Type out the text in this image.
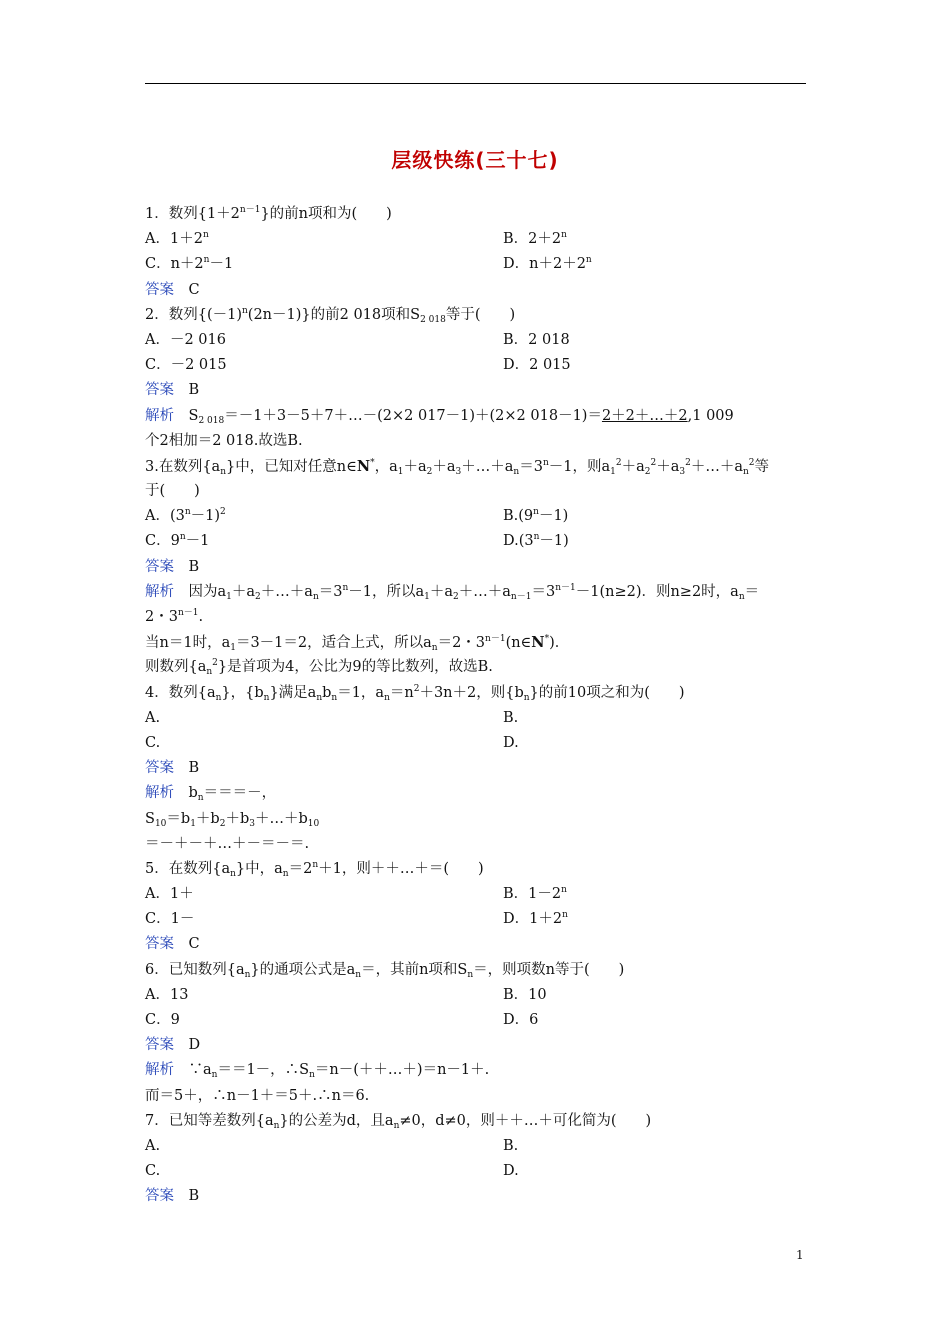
层级快练(三十七)
1．数列$\{1+2^{n-1}\}$的前n项和为(　　)
A．$1+2^n$	B．$2+2^n$
C．$n+2^n-1$	D．$n+2+2^n$
答案　 C
2．数列$\{(-1)^n(2n-1)\}$的前2 018项和$S_{2 018}$等于(　　)
A．－2 016	B．2 018
C．－2 015	D．2 015
答案　 B
解析　 $S_{2 018}=-1+3-5+7+\dots-(2\times 2$ 017－1)＋(2×2 018－1)＝2＋2＋…＋2,1 009
个2相加＝2 018.故选B.
3.在数列$\{a_n\}$中，已知对任意n∈N*，$a_1+a_2+a_3+\dots+a_n=3^n-1$，则$a_1^2+a_2^2+a_3^2+\dots+a_n^2$等
于(　　)
A．$(3^n-1)^2$	$B.(9^n-1)$
C．$9^n-1$	$D.(3^n-1)$
答案　 B
解析　 因为$a_1+a_2+\dots+a_n=3^n-1$，所以$a_1+a_2+\dots+a_{n-1}=3^{n-1}-1(n\ge 2)$．则n≥2时，$a_n=$
2・$3^{n-1}$.
当n＝1时，$a_1=3-1=2$，适合上式，所以$a_n=2$・$3^{n-1}(n\in N^*)$．
则数列$\{a_n^2\}$是首项为4，公比为9的等比数列，故选B.
4．数列$\{a_n\}$，$\{b_n\}$满足$a_nb_n=1$，$a_n=n^2+3n+2$，则$\{b_n\}$的前10项之和为(　　)
A.	B.
C.	D.
答案　 B
解析　 $b_n===-$，
$S_{10}=b_1+b_2+b_3+\dots+b_{10}$
＝－＋－＋…＋－＝－＝.
5．在数列$\{a_n\}$中，$a_n=2^n+1$，则＋＋…＋＝(　　)
A．1＋	B．$1-2^n$
C．1－	D．$1+2^n$
答案　 C
6．已知数列$\{a_n\}$的通项公式是$a_n=$，其前n项和$S_n=$，则项数n等于(　　)
A．13	B．10
C．9	D．6
答案　 D
解析　 $\because a_n==1-$，$\therefore S_n=n-(++\dots+)=n-1+$.
而＝5＋，∴n－1＋＝5＋.∴n＝6.
7．已知等差数列$\{a_n\}$的公差为d，且$a_n\ne 0$，d≠0，则＋＋…＋可化简为(　　)
A.	B.
C.	D.
答案　 B
1
